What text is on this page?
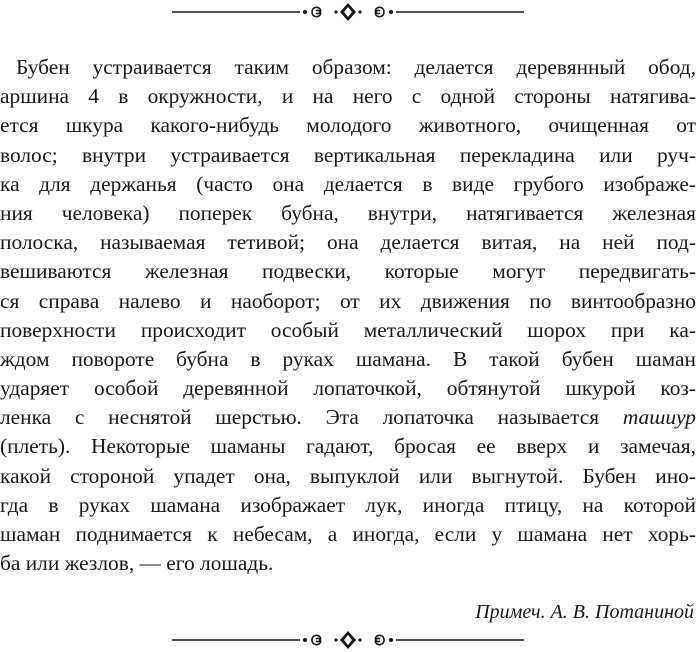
Бубен устраивается таким образом: делается деревянный обод,
аршина 4 в окружности, и на него с одной стороны натягива-
ется шкура какого-нибудь молодого животного, очищенная от
волос; внутри устраивается вертикальная перекладина или руч-
ка для держанья (часто она делается в виде грубого изображе-
ния человека) поперек бубна, внутри, натягивается железная
полоска, называемая тетивой; она делается витая, на ней под-
вешиваются железная подвески, которые могут передвигать-
ся справа налево и наоборот; от их движения по винтообразно
поверхности происходит особый металлический шорох при ка-
ждом повороте бубна в руках шамана. В такой бубен шаман
ударяет особой деревянной лопаточкой, обтянутой шкурой коз-
ленка с неснятой шерстью. Эта лопаточка называется ташиур
(плеть). Некоторые шаманы гадают, бросая ее вверх и замечая,
какой стороной упадет она, выпуклой или выгнутой. Бубен ино-
гда в руках шамана изображает лук, иногда птицу, на которой
шаман поднимается к небесам, а иногда, если у шамана нет хорь-
ба или жезлов, — его лошадь.

Примеч. А. В. Потаниной
